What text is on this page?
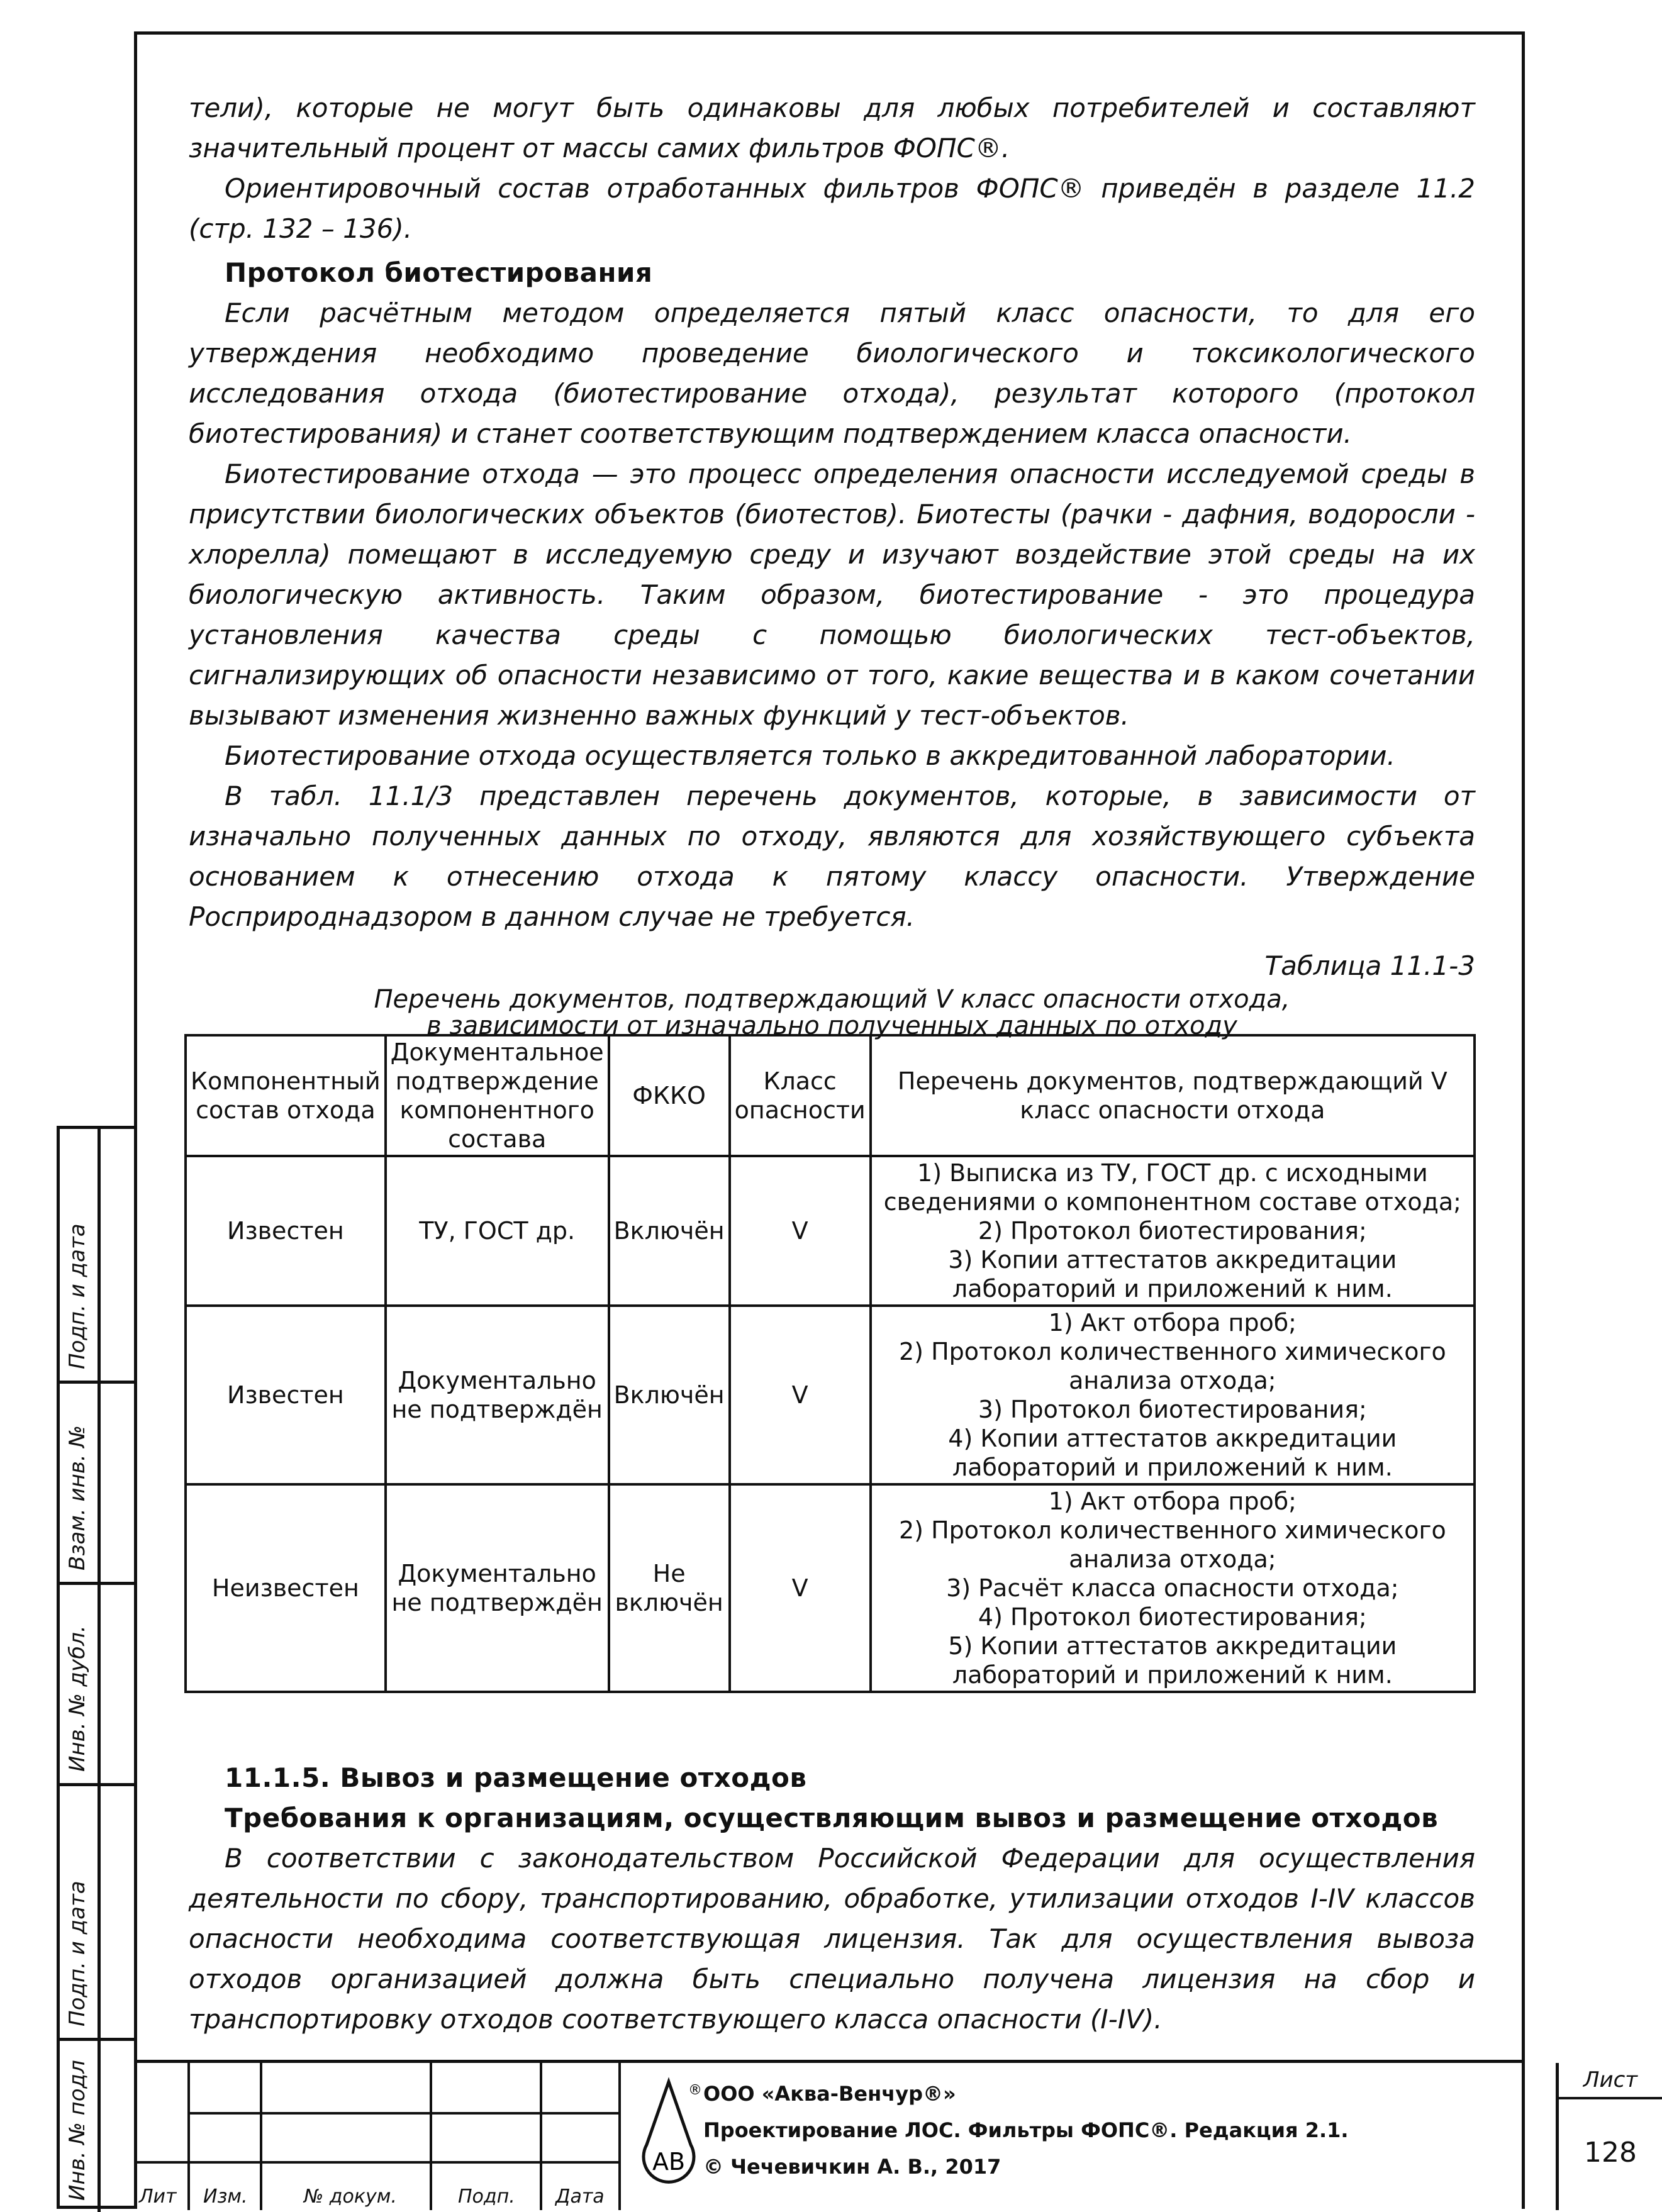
Подп. и дата
Взам. инв. №
Инв. № дубл.
Подп. и дата
Инв. № подл

тели), которые не могут быть одинаковы для любых потребителей и составляют значительный процент от массы самих фильтров ФОПС®.

Ориентировочный состав отработанных фильтров ФОПС® приведён в разделе 11.2 (стр. 132 – 136).

Протокол биотестирования

Если расчётным методом определяется пятый класс опасности, то для его утверждения необходимо проведение биологического и токсикологического исследования отхода (биотестирование отхода), результат которого (протокол биотестирования) и станет соответствующим подтверждением класса опасности.

Биотестирование отхода — это процесс определения опасности исследуемой среды в присутствии биологических объектов (биотестов). Биотесты (рачки - дафния, водоросли - хлорелла) помещают в исследуемую среду и изучают воздействие этой среды на их биологическую активность. Таким образом, биотестирование - это процедура установления качества среды с помощью биологических тест-объектов, сигнализирующих об опасности независимо от того, какие вещества и в каком сочетании вызывают изменения жизненно важных функций у тест-объектов.

Биотестирование отхода осуществляется только в аккредитованной лаборатории.

В табл. 11.1/3 представлен перечень документов, которые, в зависимости от изначально полученных данных по отходу, являются для хозяйствующего субъекта основанием к отнесению отхода к пятому классу опасности. Утверждение Росприроднадзором в данном случае не требуется.

Таблица 11.1-3
Перечень документов, подтверждающий V класс опасности отхода,
в зависимости от изначально полученных данных по отходу
Компонентный состав отхода	Документальное подтверждение компонентного состава	ФККО	Класс опасности	Перечень документов, подтверждающий V класс опасности отхода
Известен	ТУ, ГОСТ др.	Включён	V	1) Выписка из ТУ, ГОСТ др. с исходными сведениями о компонентном составе отхода;
2) Протокол биотестирования;
3) Копии аттестатов аккредитации лабораторий и приложений к ним.

Известен	Документально не подтверждён	Включён	V	1) Акт отбора проб;
2) Протокол количественного химического анализа отхода;
3) Протокол биотестирования;
4) Копии аттестатов аккредитации лабораторий и приложений к ним.

Неизвестен	Документально не подтверждён	Не включён	V	1) Акт отбора проб;
2) Протокол количественного химического анализа отхода;
3) Расчёт класса опасности отхода;
4) Протокол биотестирования;
5) Копии аттестатов аккредитации лабораторий и приложений к ним.
11.1.5. Вывоз и размещение отходов
Требования к организациям, осуществляющим вывоз и размещение отходов

В соответствии с законодательством Российской Федерации для осуществления деятельности по сбору, транспортированию, обработке, утилизации отходов I-IV классов опасности необходима соответствующая лицензия. Так для осуществления вывоза отходов организацией должна быть специально получена лицензия на сбор и транспортировку отходов соответствующего класса опасности (I-IV).

Лит Изм.	№ докум.	Подп. Дата
АВ
® ООО «Аква-Венчур®»
Проектирование ЛОС. Фильтры ФОПС®. Редакция 2.1.
© Чечевичкин А. В., 2017
Лист
128
